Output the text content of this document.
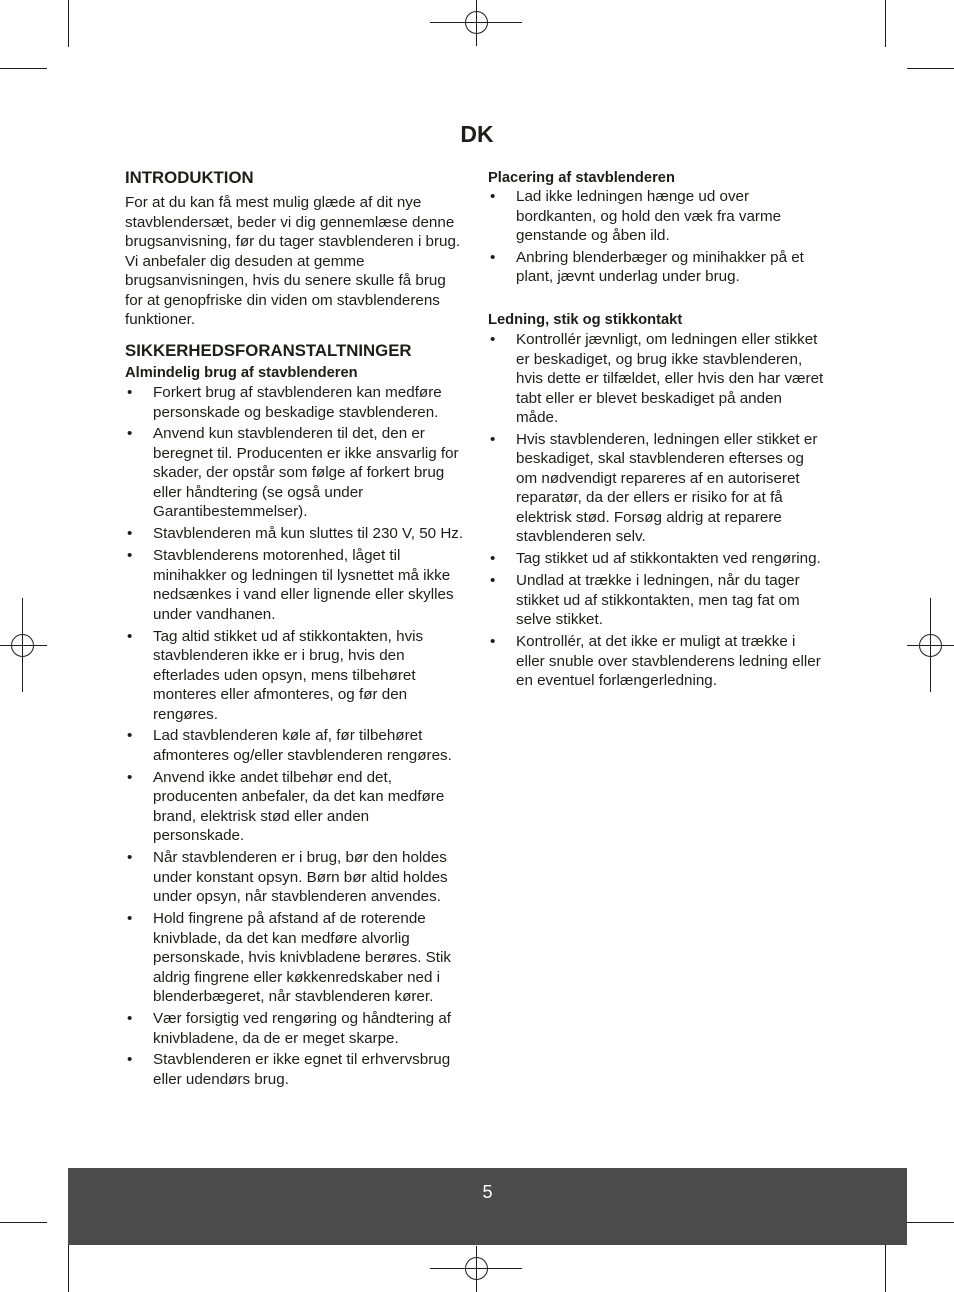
DK
INTRODUKTION

For at du kan få mest mulig glæde af dit nye
stavblendersæt, beder vi dig gennemlæse denne
brugsanvisning, før du tager stavblenderen i brug.
Vi anbefaler dig desuden at gemme
brugsanvisningen, hvis du senere skulle få brug
for at genopfriske din viden om stavblenderens
funktioner.

SIKKERHEDSFORANSTALTNINGER
Almindelig brug af stavblenderen
•
Forkert brug af stavblenderen kan medføre
personskade og beskadige stavblenderen.
•
Anvend kun stavblenderen til det, den er
beregnet til. Producenten er ikke ansvarlig for
skader, der opstår som følge af forkert brug
eller håndtering (se også under
Garantibestemmelser).
•
Stavblenderen må kun sluttes til 230 V, 50 Hz.
•
Stavblenderens motorenhed, låget til
minihakker og ledningen til lysnettet må ikke
nedsænkes i vand eller lignende eller skylles
under vandhanen.
•
Tag altid stikket ud af stikkontakten, hvis
stavblenderen ikke er i brug, hvis den
efterlades uden opsyn, mens tilbehøret
monteres eller afmonteres, og før den
rengøres.
•
Lad stavblenderen køle af, før tilbehøret
afmonteres og/eller stavblenderen rengøres.
•
Anvend ikke andet tilbehør end det,
producenten anbefaler, da det kan medføre
brand, elektrisk stød eller anden
personskade.
•
Når stavblenderen er i brug, bør den holdes
under konstant opsyn. Børn bør altid holdes
under opsyn, når stavblenderen anvendes.
•
Hold fingrene på afstand af de roterende
knivblade, da det kan medføre alvorlig
personskade, hvis knivbladene berøres. Stik
aldrig fingrene eller køkkenredskaber ned i
blenderbægeret, når stavblenderen kører.
•
Vær forsigtig ved rengøring og håndtering af
knivbladene, da de er meget skarpe.
•
Stavblenderen er ikke egnet til erhvervsbrug
eller udendørs brug.
Placering af stavblenderen
•
Lad ikke ledningen hænge ud over
bordkanten, og hold den væk fra varme
genstande og åben ild.
•
Anbring blenderbæger og minihakker på et
plant, jævnt underlag under brug.
Ledning, stik og stikkontakt
•
Kontrollér jævnligt, om ledningen eller stikket
er beskadiget, og brug ikke stavblenderen,
hvis dette er tilfældet, eller hvis den har været
tabt eller er blevet beskadiget på anden
måde.
•
Hvis stavblenderen, ledningen eller stikket er
beskadiget, skal stavblenderen efterses og
om nødvendigt repareres af en autoriseret
reparatør, da der ellers er risiko for at få
elektrisk stød. Forsøg aldrig at reparere
stavblenderen selv.
•
Tag stikket ud af stikkontakten ved rengøring.
•
Undlad at trække i ledningen, når du tager
stikket ud af stikkontakten, men tag fat om
selve stikket.
•
Kontrollér, at det ikke er muligt at trække i
eller snuble over stavblenderens ledning eller
en eventuel forlængerledning.
5
